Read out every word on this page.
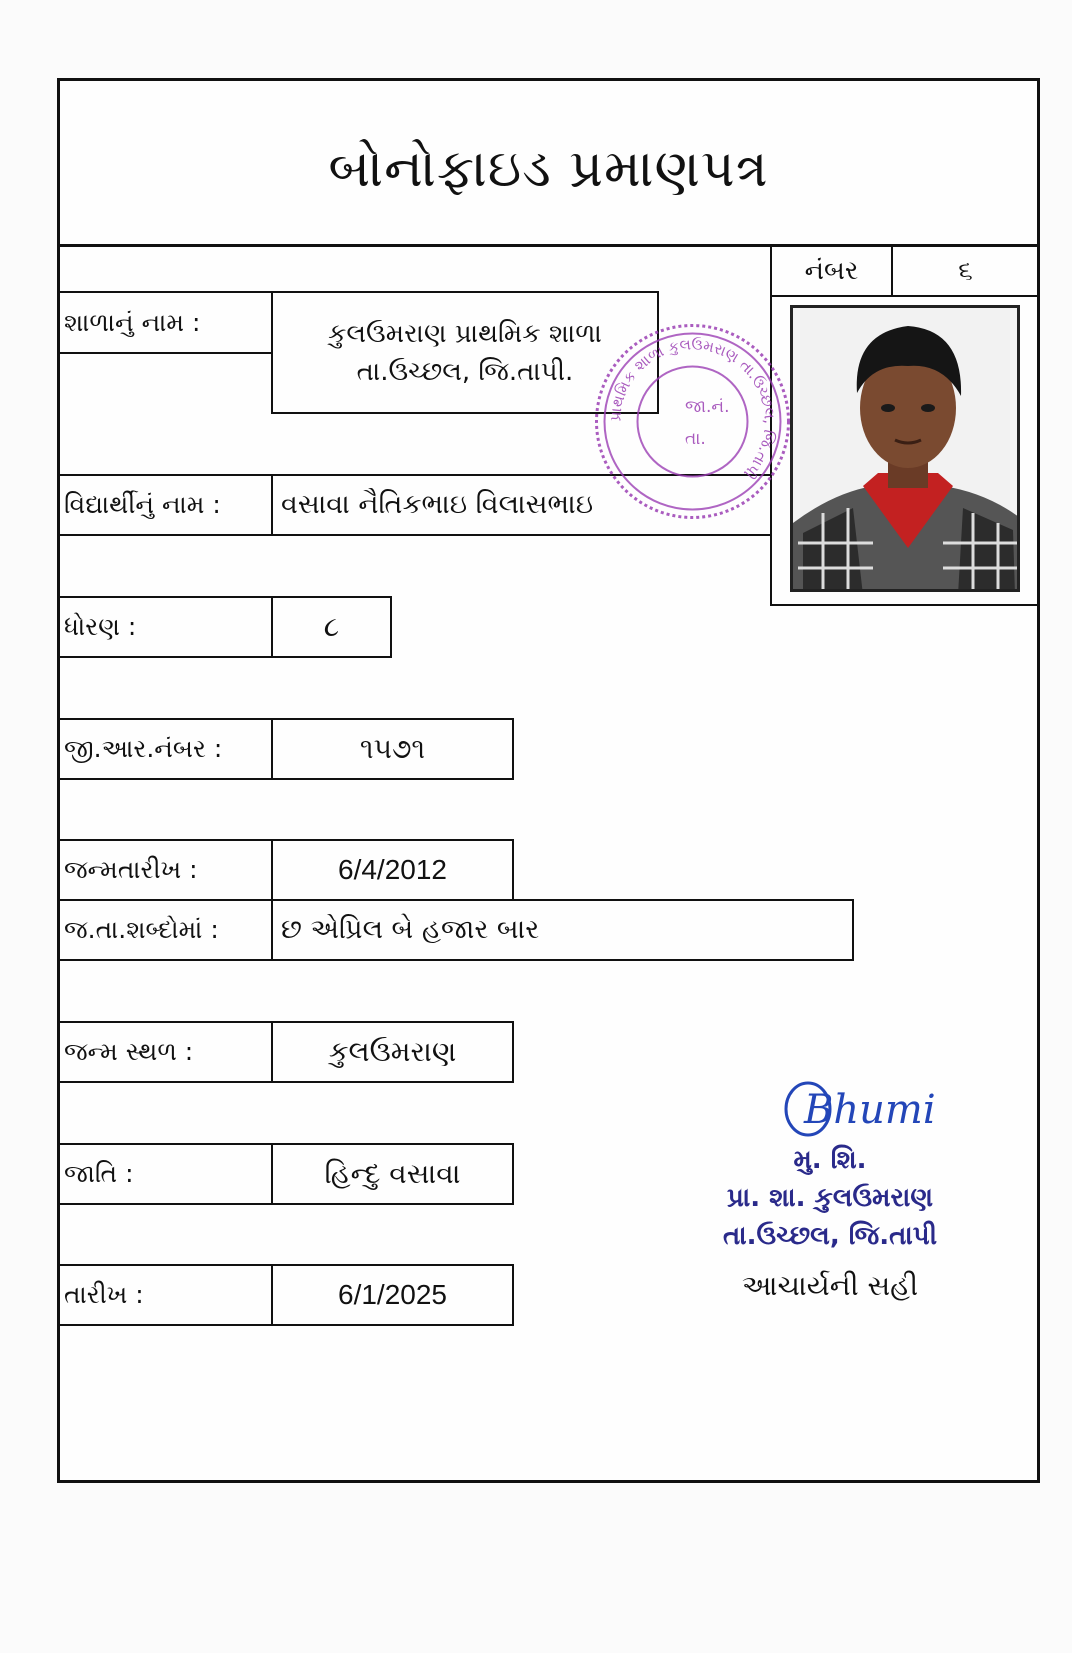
બોનોફાઇડ પ્રમાણપત્ર
નંબર	૬
શાળાનું નામ :	કુલઉમરાણ પ્રાથમિક શાળા
તા.ઉચ્છલ, જિ.તાપી.
વિદ્યાર્થીનું નામ :	વસાવા નૈતિકભાઇ વિલાસભાઇ
ધોરણ :	૮
જી.આર.નંબર :	૧૫૭૧
જન્મતારીખ :	6/4/2012
જ.તા.શબ્દોમાં :	છ એપ્રિલ બે હજાર બાર
જન્મ સ્થળ :	કુલઉમરાણ
જાતિ :	હિન્દુ વસાવા
તારીખ :	6/1/2025
પ્રાથમિક શાળા કુલઉમરાણ તા.ઉચ્છલ, જિ.તાપી
જા.નં.
તા.
Bhumi
મુ. શિ.
પ્રા. શા. કુલઉમરાણ
તા.ઉચ્છલ, જિ.તાપી
આચાર્યની સહી
